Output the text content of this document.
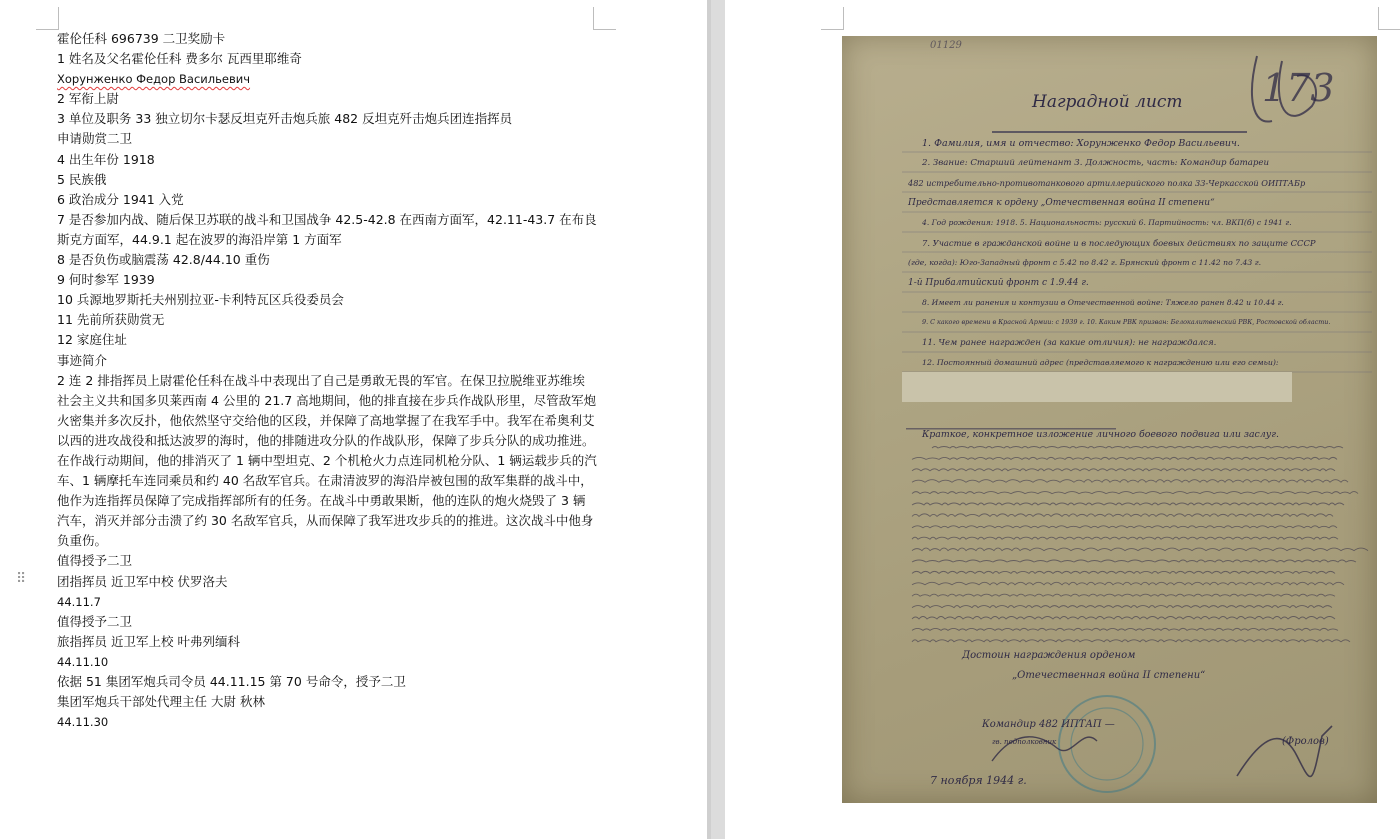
⠿
霍伦任科 696739 二卫奖励卡
1 姓名及父名霍伦任科 费多尔 瓦西里耶维奇
Хорунженко Федор Васильевич
2 军衔上尉
3 单位及职务 33 独立切尔卡瑟反坦克歼击炮兵旅 482 反坦克歼击炮兵团连指挥员
申请勋赏二卫
4 出生年份 1918
5 民族俄
6 政治成分 1941 入党
7 是否参加内战、随后保卫苏联的战斗和卫国战争 42.5-42.8 在西南方面军，42.11-43.7 在布良斯克方面军，44.9.1 起在波罗的海沿岸第 1 方面军
8 是否负伤或脑震荡 42.8/44.10 重伤
9 何时参军 1939
10 兵源地罗斯托夫州别拉亚-卡利特瓦区兵役委员会
11 先前所获勋赏无
12 家庭住址
事迹简介
2 连 2 排指挥员上尉霍伦任科在战斗中表现出了自己是勇敢无畏的军官。在保卫拉脱维亚苏维埃社会主义共和国多贝莱西南 4 公里的 21.7 高地期间，他的排直接在步兵作战队形里，尽管敌军炮火密集并多次反扑，他依然坚守交给他的区段，并保障了高地掌握了在我军手中。我军在希奥利艾以西的进攻战役和抵达波罗的海时，他的排随进攻分队的作战队形，保障了步兵分队的成功推进。在作战行动期间，他的排消灭了 1 辆中型坦克、2 个机枪火力点连同机枪分队、1 辆运载步兵的汽车、1 辆摩托车连同乘员和约 40 名敌军官兵。在肃清波罗的海沿岸被包围的敌军集群的战斗中，他作为连指挥员保障了完成指挥部所有的任务。在战斗中勇敢果断，他的连队的炮火烧毁了 3 辆汽车，消灭并部分击溃了约 30 名敌军官兵，从而保障了我军进攻步兵的的推进。这次战斗中他身负重伤。
值得授予二卫
团指挥员 近卫军中校 伏罗洛夫
44.11.7
值得授予二卫
旅指挥员 近卫军上校 叶弗列缅科
44.11.10
依据 51 集团军炮兵司令员 44.11.15 第 70 号命令，授予二卫
集团军炮兵干部处代理主任 大尉 秋林
44.11.30
01129
173
Наградной лист
1. Фамилия, имя и отчество: Хорунженко Федор Васильевич.
2. Звание: Старший лейтенант 3. Должность, часть: Командир батареи
482 истребительно-противотанкового артиллерийского полка 33-Черкасской ОИПТАБр
Представляется к ордену „Отечественная война II степени“
4. Год рождения: 1918. 5. Национальность: русский 6. Партийность: чл. ВКП(б) с 1941 г.
7. Участие в гражданской войне и в последующих боевых действиях по защите СССР
(где, когда): Юго-Западный фронт с 5.42 по 8.42 г. Брянский фронт с 11.42 по 7.43 г.
1-й Прибалтийский фронт с 1.9.44 г.
8. Имеет ли ранения и контузии в Отечественной войне: Тяжело ранен 8.42 и 10.44 г.
9. С какого времени в Красной Армии: с 1939 г. 10. Каким РВК призван: Белокалитвенский РВК, Ростовской области.
11. Чем ранее награжден (за какие отличия): не награждался.
12. Постоянный домашний адрес (представляемого к награждению или его семьи):
Краткое, конкретное изложение личного боевого подвига или заслуг.
Достоин награждения орденом
„Отечественная война II степени“
Командир 482 ИПТАП —
гв. подполковник	(Фролов)
7 ноября 1944 г.
